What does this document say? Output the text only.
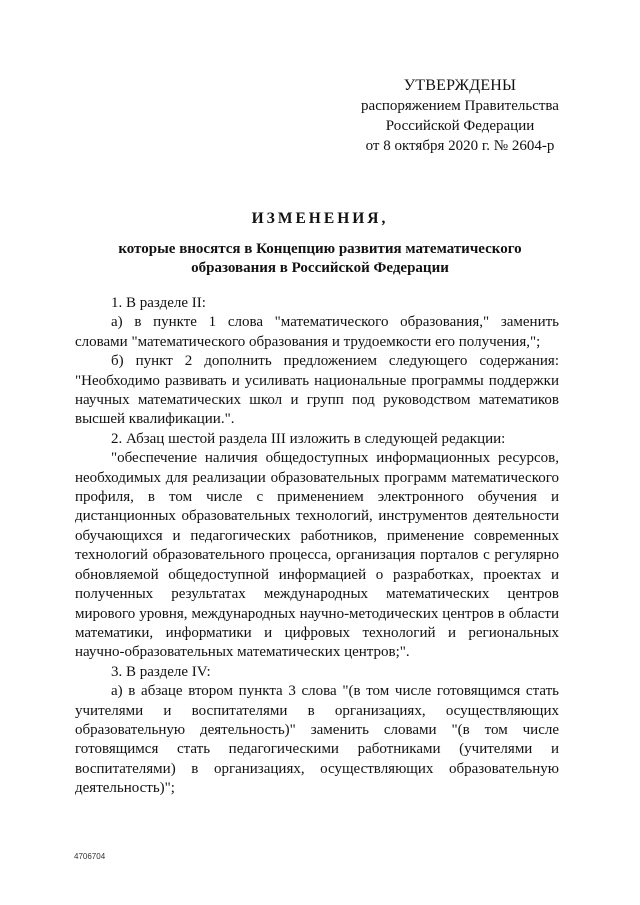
УТВЕРЖДЕНЫ
распоряжением Правительства
Российской Федерации
от 8 октября 2020 г. № 2604-р
ИЗМЕНЕНИЯ,
которые вносятся в Концепцию развития математического
образования в Российской Федерации

1. В разделе II:

а) в пункте 1 слова "математического образования," заменить словами "математического образования и трудоемкости его получения,";

б) пункт 2 дополнить предложением следующего содержания: "Необходимо развивать и усиливать национальные программы поддержки научных математических школ и групп под руководством математиков высшей квалификации.".

2. Абзац шестой раздела III изложить в следующей редакции:

"обеспечение наличия общедоступных информационных ресурсов, необходимых для реализации образовательных программ математического профиля, в том числе с применением электронного обучения и дистанционных образовательных технологий, инструментов деятельности обучающихся и педагогических работников, применение современных технологий образовательного процесса, организация порталов с регулярно обновляемой общедоступной информацией о разработках, проектах и полученных результатах международных математических центров мирового уровня, международных научно-методических центров в области математики, информатики и цифровых технологий и региональных научно-образовательных математических центров;".

3. В разделе IV:

а) в абзаце втором пункта 3 слова "(в том числе готовящимся стать учителями и воспитателями в организациях, осуществляющих образовательную деятельность)" заменить словами "(в том числе готовящимся стать педагогическими работниками (учителями и воспитателями) в организациях, осуществляющих образовательную деятельность)";

4706704
